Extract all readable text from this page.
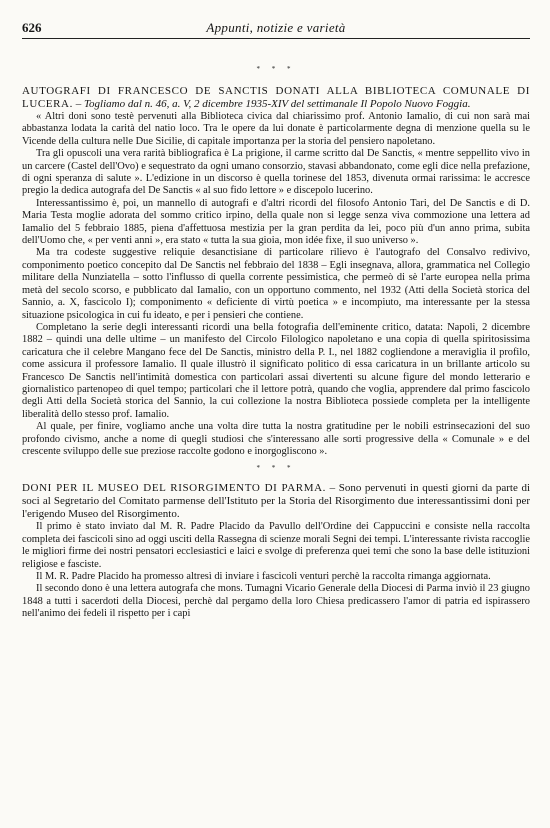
626	Appunti, notizie e varietà
* * *
AUTOGRAFI DI FRANCESCO DE SANCTIS DONATI ALLA BIBLIOTECA COMUNALE DI LUCERA. – Togliamo dal n. 46, a. V, 2 dicembre 1935-XIV del settimanale Il Popolo Nuovo Foggia.

« Altri doni sono testè pervenuti alla Biblioteca civica dal chiarissimo prof. Antonio Iamalio, di cui non sarà mai abbastanza lodata la carità del natio loco. Tra le opere da lui donate è particolarmente degna di menzione quella su le Vicende della cultura nelle Due Sicilie, di capitale importanza per la storia del pensiero napoletano.

Tra gli opuscoli una vera rarità bibliografica è La prigione, il carme scritto dal De Sanctis, « mentre seppellito vivo in un carcere (Castel dell'Ovo) e sequestrato da ogni umano consorzio, stavasi abbandonato, come egli dice nella prefazione, di ogni speranza di salute ». L'edizione in un discorso è quella torinese del 1853, divenuta ormai rarissima: le accresce pregio la dedica autografa del De Sanctis « al suo fido lettore » e discepolo lucerino.

Interessantissimo è, poi, un mannello di autografi e d'altri ricordi del filosofo Antonio Tari, del De Sanctis e di D. Maria Testa moglie adorata del sommo critico irpino, della quale non si legge senza viva commozione una lettera ad Iamalio del 5 febbraio 1885, piena d'affettuosa mestizia per la gran perdita da lei, poco più d'un anno prima, subita dell'Uomo che, « per venti anni », era stato « tutta la sua gioia, mon idée fixe, il suo universo ».

Ma tra codeste suggestive reliquie desanctisiane di particolare rilievo è l'autografo del Consalvo redivivo, componimento poetico concepito dal De Sanctis nel febbraio del 1838 – Egli insegnava, allora, grammatica nel Collegio militare della Nunziatella – sotto l'influsso di quella corrente pessimistica, che permeò di sè l'arte europea nella prima metà del secolo scorso, e pubblicato dal Iamalio, con un opportuno commento, nel 1932 (Atti della Società storica del Sannio, a. X, fascicolo I); componimento « deficiente di virtù poetica » e incompiuto, ma interessante per la stessa situazione psicologica in cui fu ideato, e per i pensieri che contiene.

Completano la serie degli interessanti ricordi una bella fotografia dell'eminente critico, datata: Napoli, 2 dicembre 1882 – quindi una delle ultime – un manifesto del Circolo Filologico napoletano e una copia di quella spiritosissima caricatura che il celebre Mangano fece del De Sanctis, ministro della P. I., nel 1882 cogliendone a meraviglia il profilo, come assicura il professore Iamalio. Il quale illustrò il significato politico di essa caricatura in un brillante articolo su Francesco De Sanctis nell'intimità domestica con particolari assai divertenti su alcune figure del mondo letterario e giornalistico partenopeo di quel tempo; particolari che il lettore potrà, quando che voglia, apprendere dal primo fascicolo degli Atti della Società storica del Sannio, la cui collezione la nostra Biblioteca possiede completa per la intelligente liberalità dello stesso prof. Iamalio.

Al quale, per finire, vogliamo anche una volta dire tutta la nostra gratitudine per le nobili estrinsecazioni del suo profondo civismo, anche a nome di quegli studiosi che s'interessano alle sorti progressive della « Comunale » e del crescente sviluppo delle sue preziose raccolte godono e inorgogliscono ».

* * *
DONI PER IL MUSEO DEL RISORGIMENTO DI PARMA. – Sono pervenuti in questi giorni da parte di soci al Segretario del Comitato parmense dell'Istituto per la Storia del Risorgimento due interessantissimi doni per l'erigendo Museo del Risorgimento.

Il primo è stato inviato dal M. R. Padre Placido da Pavullo dell'Ordine dei Cappuccini e consiste nella raccolta completa dei fascicoli sino ad oggi usciti della Rassegna di scienze morali Segni dei tempi. L'interessante rivista raccoglie le migliori firme dei nostri pensatori ecclesiastici e laici e svolge di preferenza quei temi che sono la base delle istituzioni religiose e fasciste.

Il M. R. Padre Placido ha promesso altresì di inviare i fascicoli venturi perchè la raccolta rimanga aggiornata.

Il secondo dono è una lettera autografa che mons. Tumagni Vicario Generale della Diocesi di Parma inviò il 23 giugno 1848 a tutti i sacerdoti della Diocesi, perchè dal pergamo della loro Chiesa predicassero l'amor di patria ed ispirassero nell'animo dei fedeli il rispetto per i capi
